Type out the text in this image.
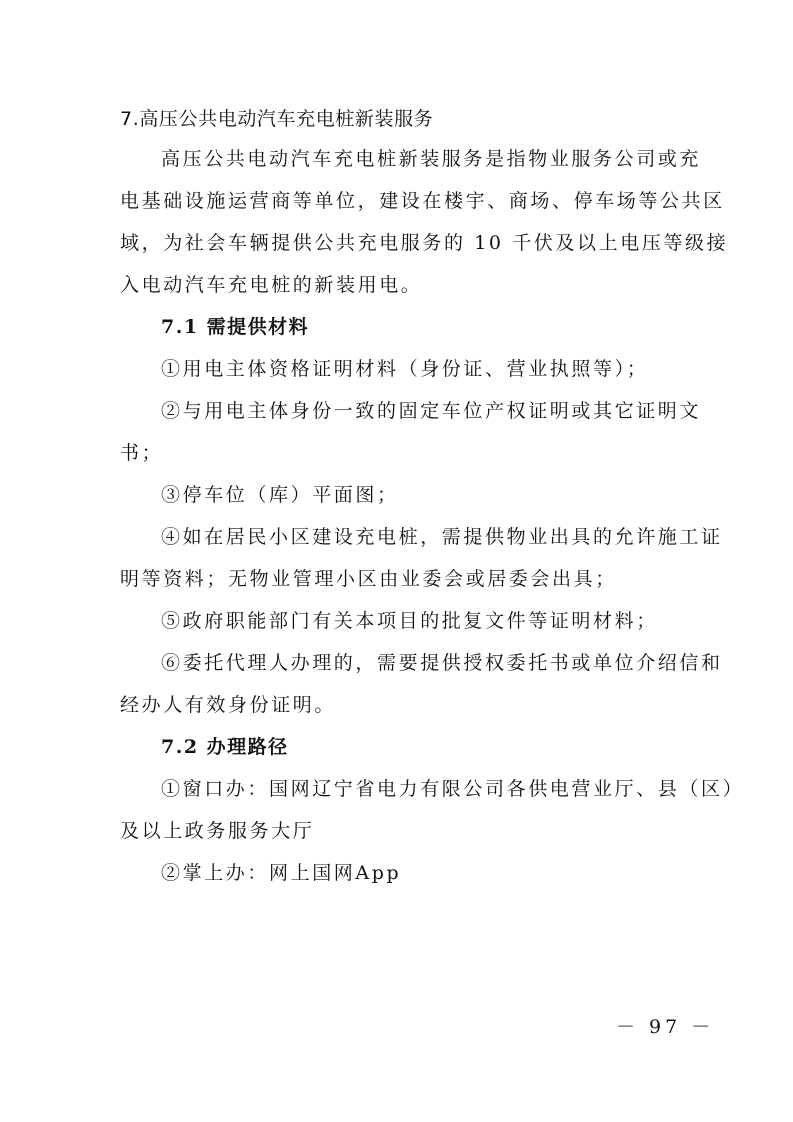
7.高压公共电动汽车充电桩新装服务
高压公共电动汽车充电桩新装服务是指物业服务公司或充
电基础设施运营商等单位，建设在楼宇、商场、停车场等公共区
域，为社会车辆提供公共充电服务的 10 千伏及以上电压等级接
入电动汽车充电桩的新装用电。
7.1 需提供材料
①用电主体资格证明材料（身份证、营业执照等）；
②与用电主体身份一致的固定车位产权证明或其它证明文
书；
③停车位（库）平面图；
④如在居民小区建设充电桩，需提供物业出具的允许施工证
明等资料；无物业管理小区由业委会或居委会出具；
⑤政府职能部门有关本项目的批复文件等证明材料；
⑥委托代理人办理的，需要提供授权委托书或单位介绍信和
经办人有效身份证明。
7.2 办理路径
①窗口办：国网辽宁省电力有限公司各供电营业厅、县（区）
及以上政务服务大厅
②掌上办：网上国网App
－ 97 －
